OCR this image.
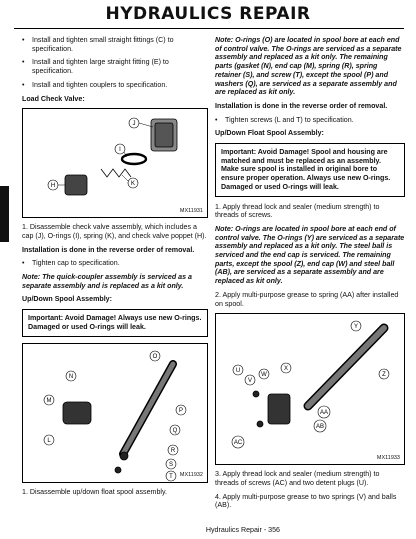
HYDRAULICS REPAIR
•	Install and tighten small straight fittings (C) to specification.
•	Install and tighten large straight fitting (E) to specification.
•	Install and tighten couplers to specification.
Load Check Valve:
J
I
H	K
MX11931

1. Disassemble check valve assembly, which includes a cap (J), O-rings (I), spring (K), and check valve poppet (H).

Installation is done in the reverse order of removal.
•	Tighten cap to specification.
Note: The quick-coupler assembly is serviced as a separate assembly and is replaced as a kit only.
Up/Down Spool Assembly:
Important: Avoid Damage! Always use new O-rings. Damaged or used O-rings will leak.
O
N
M
P
Q
L
R
S
T MX11932

1. Disassemble up/down float spool assembly.

Note: O-rings (O) are located in spool bore at each end of control valve. The O-rings are serviced as a separate assembly and replaced as a kit only. The remaining parts (gasket (N), end cap (M), spring (R), spring retainer (S), and screw (T), except the spool (P) and washers (Q), are serviced as a separate assembly and are replaced as kit only.
Installation is done in the reverse order of removal.
•	Tighten screws (L and T) to specification.
Up/Down Float Spool Assembly:
Important: Avoid Damage! Spool and housing are matched and must be replaced as an assembly. Make sure spool is installed in original bore to ensure proper operation. Always use new O-rings. Damaged or used O-rings will leak.

1. Apply thread lock and sealer (medium strength) to threads of screws.

Note: O-rings are located in spool bore at each end of control valve. The O-rings (Y) are serviced as a separate assembly and replaced as a kit only. The steel ball is serviced and the end cap is serviced. The remaining parts, except the spool (Z), end cap (W) and steel ball (AB), are serviced as a separate assembly and are replaced as kit only.

2. Apply multi-purpose grease to spring (AA) after installed on spool.

Y
Z
U
V
W
X
AA
AB
AC
MX11933

3. Apply thread lock and sealer (medium strength) to threads of screws (AC) and two detent plugs (U).

4. Apply multi-purpose grease to two springs (V) and balls (AB).

Hydraulics Repair - 356
